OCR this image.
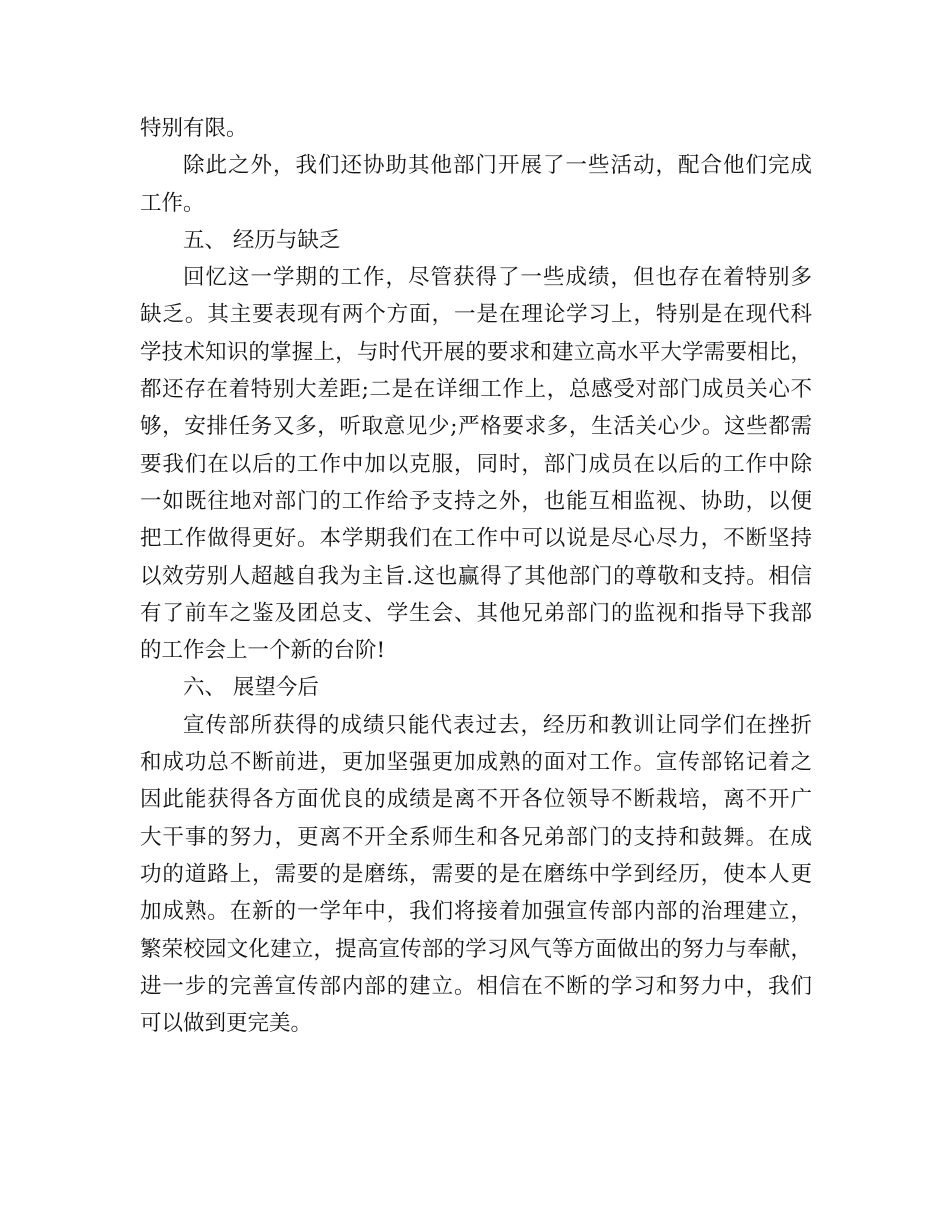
特别有限。
除此之外，我们还协助其他部门开展了一些活动，配合他们完成
工作。
五、 经历与缺乏
回忆这一学期的工作，尽管获得了一些成绩，但也存在着特别多
缺乏。其主要表现有两个方面，一是在理论学习上，特别是在现代科
学技术知识的掌握上，与时代开展的要求和建立高水平大学需要相比，
都还存在着特别大差距;二是在详细工作上，总感受对部门成员关心不
够，安排任务又多，听取意见少;严格要求多，生活关心少。这些都需
要我们在以后的工作中加以克服，同时，部门成员在以后的工作中除
一如既往地对部门的工作给予支持之外，也能互相监视、协助，以便
把工作做得更好。本学期我们在工作中可以说是尽心尽力，不断坚持
以效劳别人超越自我为主旨.这也赢得了其他部门的尊敬和支持。相信
有了前车之鉴及团总支、学生会、其他兄弟部门的监视和指导下我部
的工作会上一个新的台阶!
六、 展望今后
宣传部所获得的成绩只能代表过去，经历和教训让同学们在挫折
和成功总不断前进，更加坚强更加成熟的面对工作。宣传部铭记着之
因此能获得各方面优良的成绩是离不开各位领导不断栽培，离不开广
大干事的努力，更离不开全系师生和各兄弟部门的支持和鼓舞。在成
功的道路上，需要的是磨练，需要的是在磨练中学到经历，使本人更
加成熟。在新的一学年中，我们将接着加强宣传部内部的治理建立，
繁荣校园文化建立，提高宣传部的学习风气等方面做出的努力与奉献，
进一步的完善宣传部内部的建立。相信在不断的学习和努力中，我们
可以做到更完美。
